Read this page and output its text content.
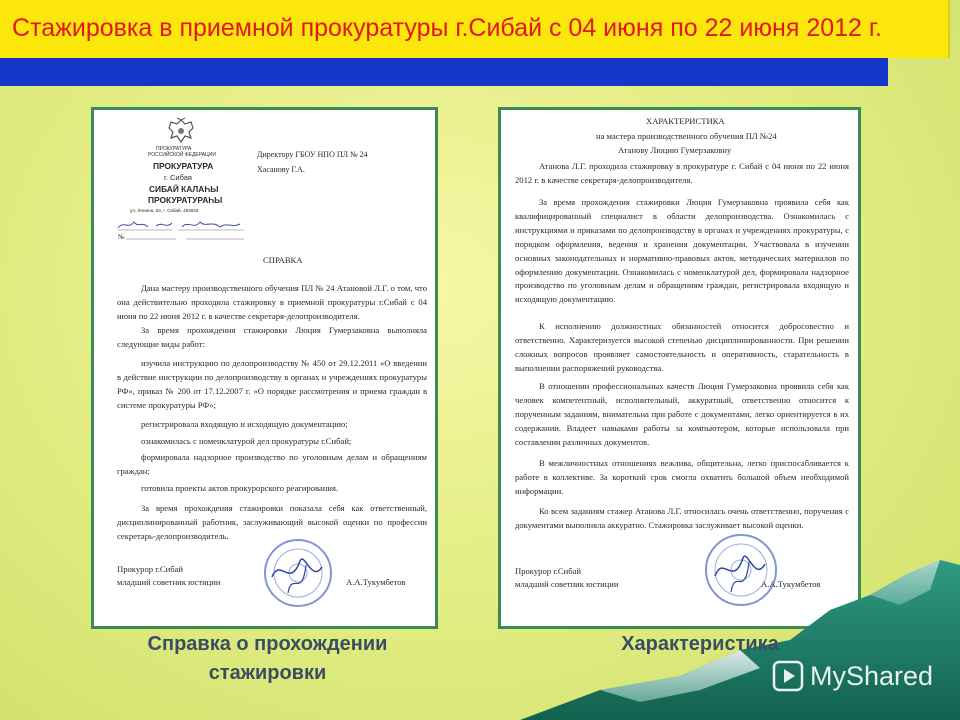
Стажировка в приемной прокуратуры г.Сибай с 04 июня по 22 июня 2012 г.
ПРОКУРАТУРА
РОССИЙСКОЙ ФЕДЕРАЦИИ
ПРОКУРАТУРА
г. Сибая
СИБАЙ КАЛАҺЫ
ПРОКУРАТУРАҺЫ
ул. Ленина, 53, г. Сибай, 453833
№
Директору ГБОУ НПО ПЛ № 24
Хасанову Г.А.
СПРАВКА
Дана мастеру производственного обучения ПЛ № 24 Атановой Л.Г. о том, что она действительно проходила стажировку в приемной прокуратуры г.Сибай с 04 июня по 22 июня 2012 г. в качестве секретаря-делопроизводителя.
За время прохождения стажировки Люция Гумерзаковна выполняла следующие виды работ:
изучила инструкцию по делопроизводству № 450 от 29.12.2011 «О введении в действие инструкции по делопроизводству в органах и учреждениях прокуратуры РФ», приказ № 200 от 17.12.2007 г. «О порядке рассмотрения и приема граждан в системе прокуратуры РФ»;
регистрировала входящую и исходящую документацию;
ознакомилась с номенклатурой дел прокуратуры г.Сибай;
формировала надзорное производство по уголовным делам и обращениям граждан;
готовила проекты актов прокурорского реагирования.
За время прохождения стажировки показала себя как ответственный, дисциплинированный работник, заслуживающий высокой оценки по профессии секретарь-делопроизводитель.
Прокурор г.Сибай
младший советник юстиции	А.А.Тукумбетов
ХАРАКТЕРИСТИКА
на мастера производственного обучения ПЛ №24
Атанову Люцию Гумерзаковну
Атанова Л.Г. проходила стажировку в прокуратуре г. Сибай с 04 июня по 22 июня 2012 г. в качестве секретаря-делопроизводителя.
За время прохождения стажировки Люция Гумерзаковна проявила себя как квалифицированный специалист в области делопроизводства. Ознакомилась с инструкциями и приказами по делопроизводству в органах и учреждениях прокуратуры, с порядком оформления, ведения и хранения документации. Участвовала в изучении основных законодательных и нормативно-правовых актов, методических материалов по оформлению документации. Ознакомилась с номенклатурой дел, формировала надзорное производство по уголовным делам и обращениям граждан, регистрировала входящую и исходящую документацию.
К исполнению должностных обязанностей относится добросовестно и ответственно. Характеризуется высокой степенью дисциплинированности. При решении сложных вопросов проявляет самостоятельность и оперативность, старательность в выполнении распоряжений руководства.
В отношении профессиональных качеств Люция Гумерзаковна проявила себя как человек компетентный, исполнительный, аккуратный, ответственно относится к порученным заданиям, внимательна при работе с документами, легко ориентируется в их содержании. Владеет навыками работы за компьютером, которые использовала при составлении различных документов.
В межличностных отношениях вежлива, общительна, легко приспосабливается к работе в коллективе. За короткий срок смогла охватить большой объем необходимой информации.
Ко всем заданиям стажер Атанова Л.Г. относилась очень ответственно, поручения с документами выполняла аккуратно. Стажировка заслуживает высокой оценки.
Прокурор г.Сибай
младший советник юстиции	А.А.Тукумбетов
Справка о прохождении
стажировки
Характеристика
MyShared
